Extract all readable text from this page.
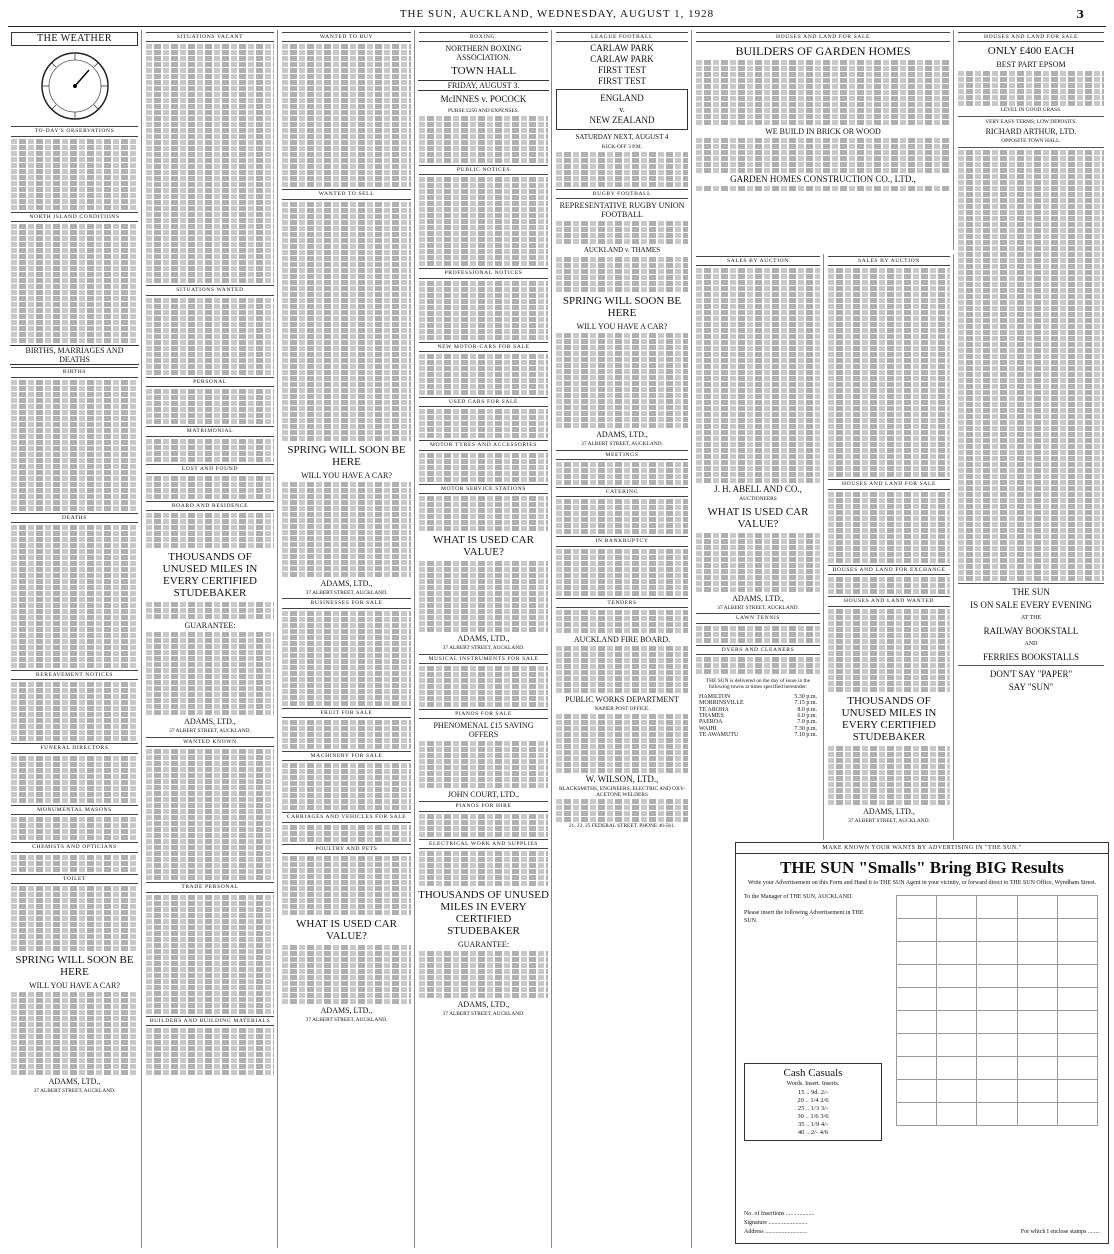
THE SUN, AUCKLAND, WEDNESDAY, AUGUST 1, 1928	3
THE WEATHER
TO-DAY'S OBSERVATIONS
NORTH ISLAND CONDITIONS
BIRTHS, MARRIAGES AND DEATHS
BIRTHS
DEATHS
BEREAVEMENT NOTICES
FUNERAL DIRECTORS
MONUMENTAL MASONS
CHEMISTS AND OPTICIANS
TOILET
SPRING WILL SOON BE HERE
WILL YOU HAVE A CAR?
ADAMS, LTD.,
37 ALBERT STREET, AUCKLAND.
SITUATIONS VACANT
SITUATIONS WANTED
PERSONAL
MATRIMONIAL
LOST AND FOUND
BOARD AND RESIDENCE
THOUSANDS OF UNUSED MILES IN EVERY CERTIFIED STUDEBAKER
GUARANTEE:
ADAMS, LTD.,
37 ALBERT STREET, AUCKLAND.
WANTED KNOWN
TRADE PERSONAL
BUILDERS AND BUILDING MATERIALS
WANTED TO BUY
WANTED TO SELL
SPRING WILL SOON BE HERE
WILL YOU HAVE A CAR?
ADAMS, LTD.,
37 ALBERT STREET, AUCKLAND.
BUSINESSES FOR SALE
FRUIT FOR SALE
MACHINERY FOR SALE
CARRIAGES AND VEHICLES FOR SALE
POULTRY AND PETS
WHAT IS USED CAR VALUE?
ADAMS, LTD.,
37 ALBERT STREET, AUCKLAND.
BOXING.
NORTHERN BOXING ASSOCIATION.
TOWN HALL
FRIDAY, AUGUST 3.
McINNES v. POCOCK
PURSE £250 AND EXPENSES.
PUBLIC NOTICES
PROFESSIONAL NOTICES
NEW MOTOR-CARS FOR SALE
USED CARS FOR SALE
MOTOR TYRES AND ACCESSORIES
MOTOR SERVICE STATIONS
WHAT IS USED CAR VALUE?
ADAMS, LTD.,
37 ALBERT STREET, AUCKLAND.
MUSICAL INSTRUMENTS FOR SALE
PIANOS FOR SALE
PHENOMENAL £15 SAVING OFFERS
JOHN COURT, LTD.,
PIANOS FOR HIRE
ELECTRICAL WORK AND SUPPLIES
THOUSANDS OF UNUSED MILES IN EVERY CERTIFIED STUDEBAKER
GUARANTEE:
ADAMS, LTD.,
37 ALBERT STREET, AUCKLAND.
LEAGUE FOOTBALL
CARLAW PARK
CARLAW PARK
FIRST TEST
FIRST TEST
ENGLAND
v.
NEW ZEALAND
SATURDAY NEXT, AUGUST 4
KICK-OFF 3 P.M.
RUGBY FOOTBALL
REPRESENTATIVE RUGBY UNION FOOTBALL
AUCKLAND v. THAMES
SPRING WILL SOON BE HERE
WILL YOU HAVE A CAR?
ADAMS, LTD.,
37 ALBERT STREET, AUCKLAND.
MEETINGS
CATERING
IN BANKRUPTCY
TENDERS
AUCKLAND FIRE BOARD.
PUBLIC WORKS DEPARTMENT
NAPIER POST OFFICE.
W. WILSON, LTD.,
BLACKSMITHS, ENGINEERS, ELECTRIC AND OXY-ACETONE WELDERS
21, 23, 25 FEDERAL STREET. PHONE 46-561.
HOUSES AND LAND FOR SALE
BUILDERS OF GARDEN HOMES
WE BUILD IN BRICK OR WOOD
GARDEN HOMES CONSTRUCTION CO., LTD.,
SALES BY AUCTION
J. H. ABELL AND CO.,
AUCTIONEERS
WHAT IS USED CAR VALUE?
ADAMS, LTD.,
37 ALBERT STREET, AUCKLAND.
LAWN TENNIS
DYERS AND CLEANERS
THE SUN is delivered on the day of issue in the following towns at times specified hereunder:
HAMILTON	5.30 p.m.
MORRINSVILLE	7.15 p.m.
TE AROHA	8.0 p.m.
THAMES	6.0 p.m.
PAEROA	7.0 p.m.
WAIHI	7.30 p.m.
TE AWAMUTU	7.10 p.m.
SALES BY AUCTION
HOUSES AND LAND FOR SALE
HOUSES AND LAND FOR EXCHANGE
HOUSES AND LAND WANTED
THOUSANDS OF UNUSED MILES IN EVERY CERTIFIED STUDEBAKER
ADAMS, LTD.,
37 ALBERT STREET, AUCKLAND.
HOUSES AND LAND FOR SALE
ONLY £400 EACH
BEST PART EPSOM
LEVEL IN GOOD GRASS.
VERY EASY TERMS; LOW DEPOSITS.
RICHARD ARTHUR, LTD.
OPPOSITE TOWN HALL.
THE SUN
IS ON SALE EVERY EVENING
AT THE
RAILWAY BOOKSTALL
AND
FERRIES BOOKSTALLS
DON'T SAY "PAPER"
SAY "SUN"
MAKE KNOWN YOUR WANTS BY ADVERTISING IN "THE SUN."
THE SUN "Smalls" Bring BIG Results
Write your Advertisement on this Form and Hand it to THE SUN Agent in your vicinity, or forward direct to THE SUN Office, Wyndham Street.
To the Manager of THE SUN, AUCKLAND.
Please insert the following Advertisement in THE SUN.

Cash Casuals
Words. Insert. Inserts.
15 .. 9d. 2/-
20 .. 1/4 2/6
25 .. 1/3 3/-
30 .. 1/6 3/6
35 .. 1/9 4/-
40 .. 2/- 4/6
No. of Insertions ...................
Signature ..........................
Address ............................	For which I enclose stamps ........
